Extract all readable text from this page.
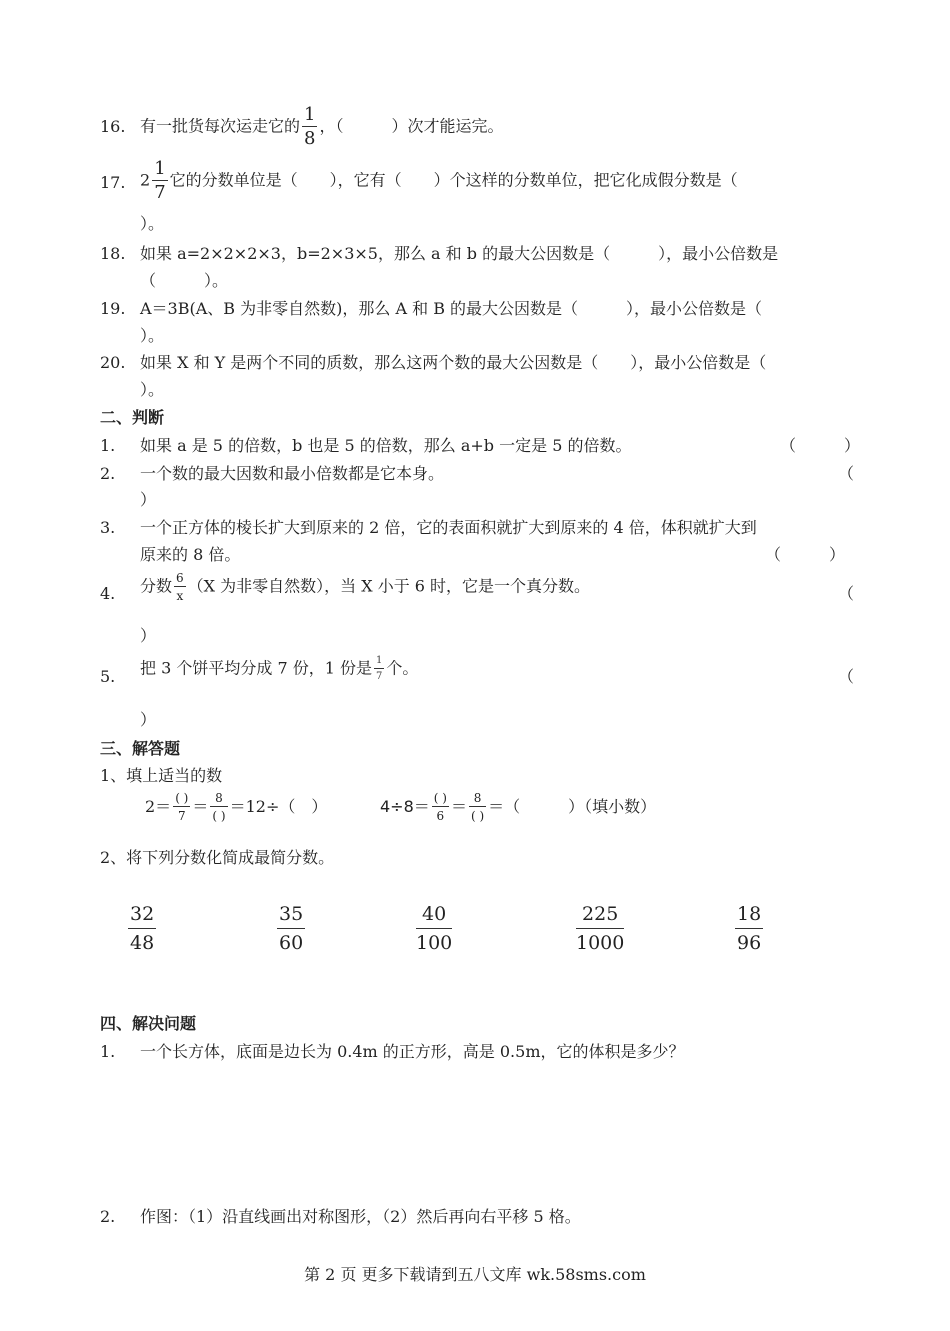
16. 有一批货每次运走它的 $\frac{1}{8}$ ，（　　　）次才能运完。
17. $2 \frac{1}{7}$ 它的分数单位是（　　），它有（　　）个这样的分数单位，把它化成假分数是（
）。
18. 如果 a=2×2×2×3，b=2×3×5，那么 a 和 b 的最大公因数是（　　　），最小公倍数是
（　　　）。
19. A＝3B(A、B 为非零自然数)，那么 A 和 B 的最大公因数是（　　　），最小公倍数是（
）。
20. 如果 X 和 Y 是两个不同的质数，那么这两个数的最大公因数是（　　），最小公倍数是（
）。
二、判断
1.	如果 a 是 5 的倍数，b 也是 5 的倍数，那么 a+b 一定是 5 的倍数。	（　　　）
2.	一个数的最大因数和最小倍数都是它本身。	（
）
3.	一个正方体的棱长扩大到原来的 2 倍，它的表面积就扩大到原来的 4 倍，体积就扩大到
原来的 8 倍。	（　　　）
4.	分数 $\frac{6}{x} (X$ 为非零自然数），当 X 小于 6 时，它是一个真分数。	（
）
5.	把 3 个饼平均分成 7 份，1 份是 $\frac{1}{7}$ 个。	（
）
三、解答题
1、填上适当的数
$2= \frac{( )}{7} = \frac{8}{( )} =12\div$（　）	$4\div 8= \frac{( )}{6} = \frac{8}{( )}$ ＝（　　　）（填小数）
2、将下列分数化简成最简分数。
$\frac{32}{48}$	$\frac{35}{60}$	$\frac{40}{100}$	$\frac{225}{1000}$	$\frac{18}{96}$
四、解决问题
1.	一个长方体，底面是边长为 0.4m 的正方形，高是 0.5m，它的体积是多少？
2.	作图：（1）沿直线画出对称图形，（2）然后再向右平移 5 格。
第 2 页 更多下载请到五八文库 wk.58sms.com
